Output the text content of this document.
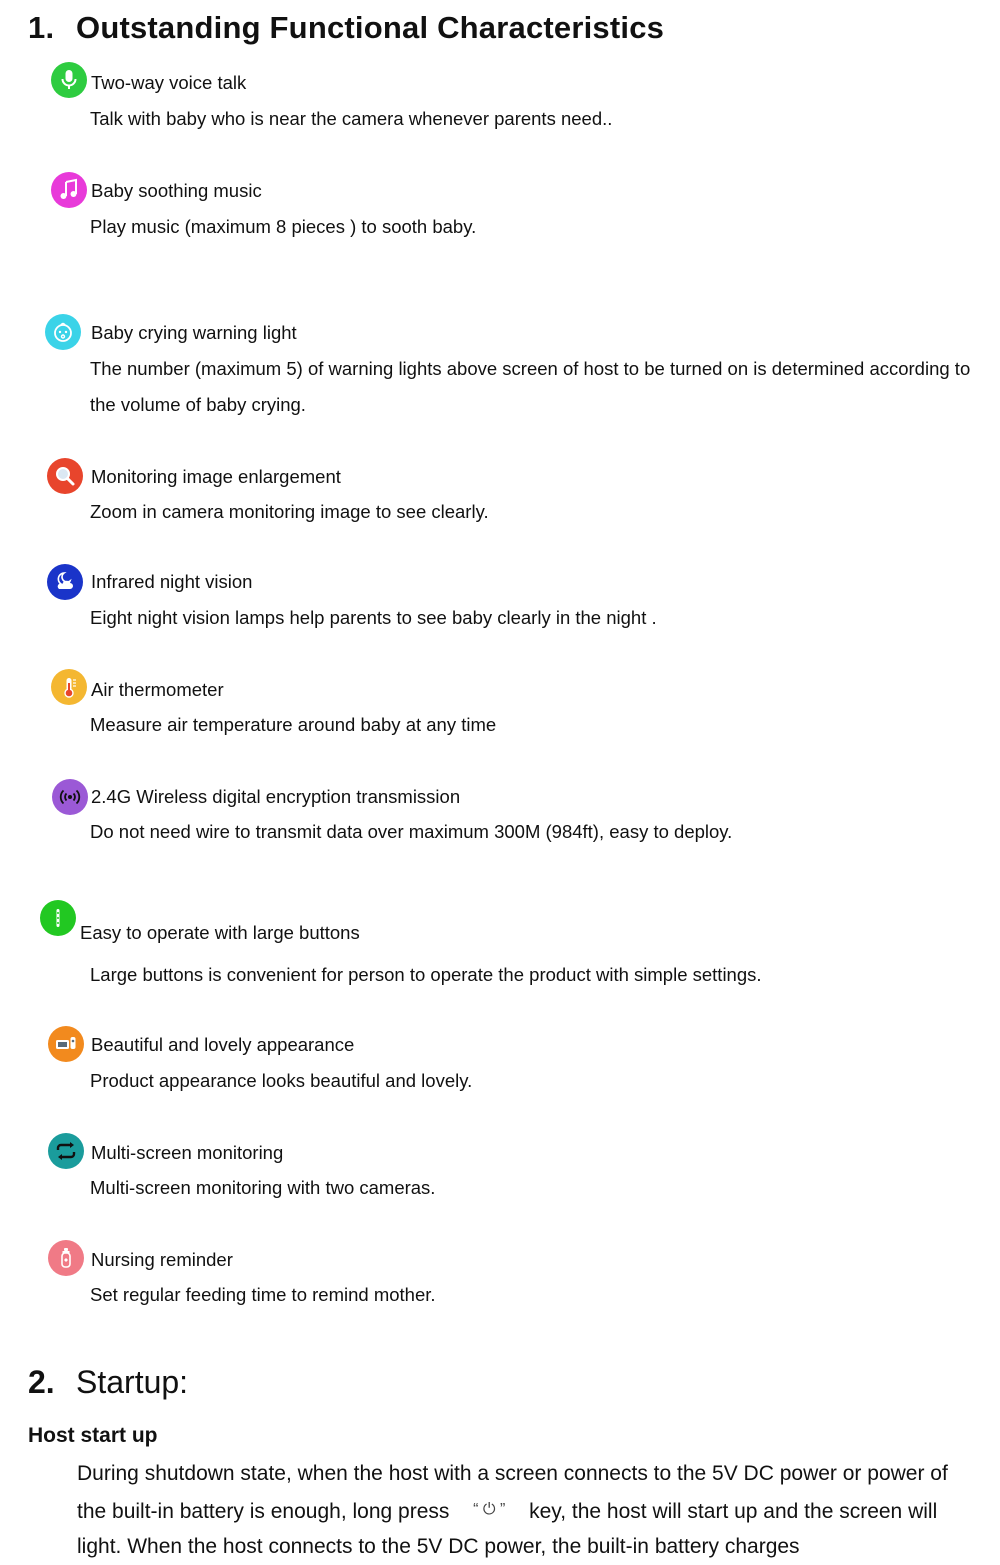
1. Outstanding Functional Characteristics
Two-way voice talk
Talk with baby who is near the camera whenever parents need..
Baby soothing music
Play music (maximum 8 pieces ) to sooth baby.
Baby crying warning light
The number (maximum 5) of warning lights above screen of host to be turned on is determined according to the volume of baby crying.
Monitoring image enlargement
Zoom in camera monitoring image to see clearly.
Infrared night vision
Eight night vision lamps help parents to see baby clearly in the night .
Air thermometer
Measure air temperature around baby at any time
2.4G Wireless digital encryption transmission
Do not need wire to transmit data over maximum 300M (984ft), easy to deploy.
Easy to operate with large buttons
Large buttons is convenient for person to operate the product with simple settings.
Beautiful and lovely appearance
Product appearance looks beautiful and lovely.
Multi-screen monitoring
Multi-screen monitoring with two cameras.
Nursing reminder
Set regular feeding time to remind mother.
2. Startup:
Host start up
During shutdown state, when the host with a screen connects to the 5V DC power or power of the built-in battery is enough, long press “ ⏻ ” key, the host will start up and the screen will light. When the host connects to the 5V DC power, the built-in battery charges
